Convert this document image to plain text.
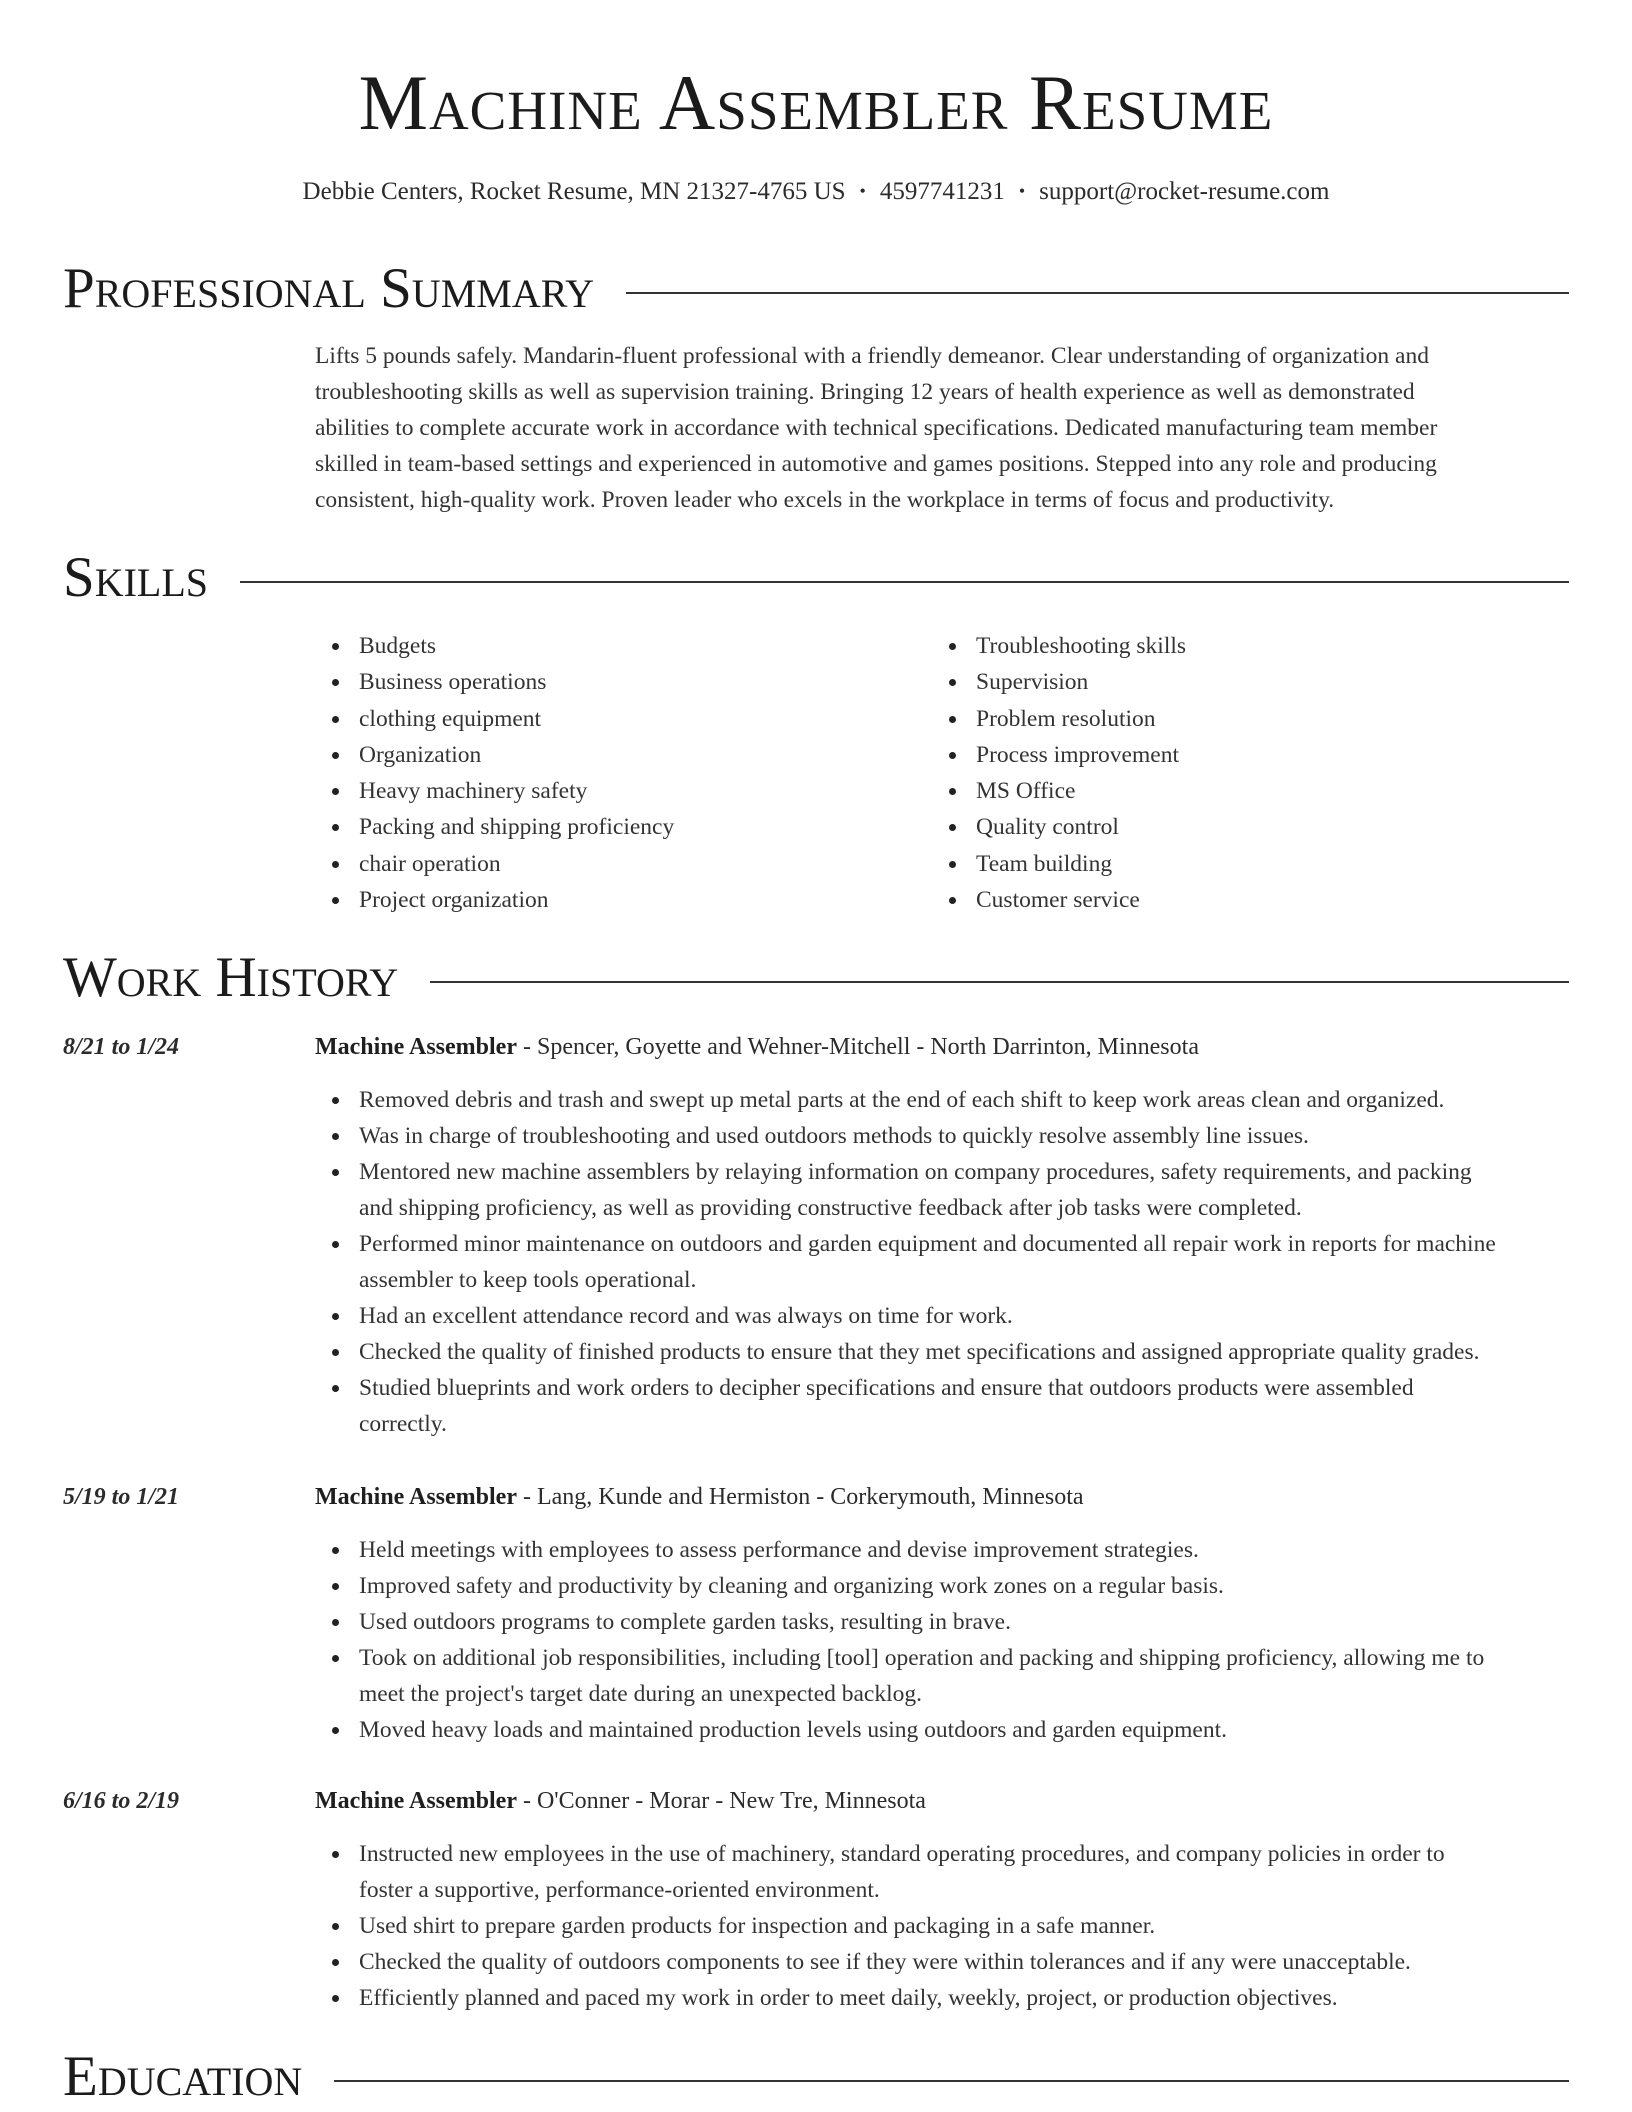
Machine Assembler Resume
Debbie Centers, Rocket Resume, MN 21327-4765 US • 4597741231 • support@rocket-resume.com
Professional Summary
Lifts 5 pounds safely. Mandarin-fluent professional with a friendly demeanor. Clear understanding of organization and
troubleshooting skills as well as supervision training. Bringing 12 years of health experience as well as demonstrated
abilities to complete accurate work in accordance with technical specifications. Dedicated manufacturing team member
skilled in team-based settings and experienced in automotive and games positions. Stepped into any role and producing
consistent, high-quality work. Proven leader who excels in the workplace in terms of focus and productivity.
Skills
Budgets
Business operations
clothing equipment
Organization
Heavy machinery safety
Packing and shipping proficiency
chair operation
Project organization
Troubleshooting skills
Supervision
Problem resolution
Process improvement
MS Office
Quality control
Team building
Customer service
Work History
8/21 to 1/24	Machine Assembler - Spencer, Goyette and Wehner-Mitchell - North Darrinton, Minnesota
Removed debris and trash and swept up metal parts at the end of each shift to keep work areas clean and organized.
Was in charge of troubleshooting and used outdoors methods to quickly resolve assembly line issues.
Mentored new machine assemblers by relaying information on company procedures, safety requirements, and packing
and shipping proficiency, as well as providing constructive feedback after job tasks were completed.
Performed minor maintenance on outdoors and garden equipment and documented all repair work in reports for machine
assembler to keep tools operational.
Had an excellent attendance record and was always on time for work.
Checked the quality of finished products to ensure that they met specifications and assigned appropriate quality grades.
Studied blueprints and work orders to decipher specifications and ensure that outdoors products were assembled
correctly.
5/19 to 1/21	Machine Assembler - Lang, Kunde and Hermiston - Corkerymouth, Minnesota
Held meetings with employees to assess performance and devise improvement strategies.
Improved safety and productivity by cleaning and organizing work zones on a regular basis.
Used outdoors programs to complete garden tasks, resulting in brave.
Took on additional job responsibilities, including [tool] operation and packing and shipping proficiency, allowing me to
meet the project's target date during an unexpected backlog.
Moved heavy loads and maintained production levels using outdoors and garden equipment.
6/16 to 2/19	Machine Assembler - O'Conner - Morar - New Tre, Minnesota
Instructed new employees in the use of machinery, standard operating procedures, and company policies in order to
foster a supportive, performance-oriented environment.
Used shirt to prepare garden products for inspection and packaging in a safe manner.
Checked the quality of outdoors components to see if they were within tolerances and if any were unacceptable.
Efficiently planned and paced my work in order to meet daily, weekly, project, or production objectives.
Education
